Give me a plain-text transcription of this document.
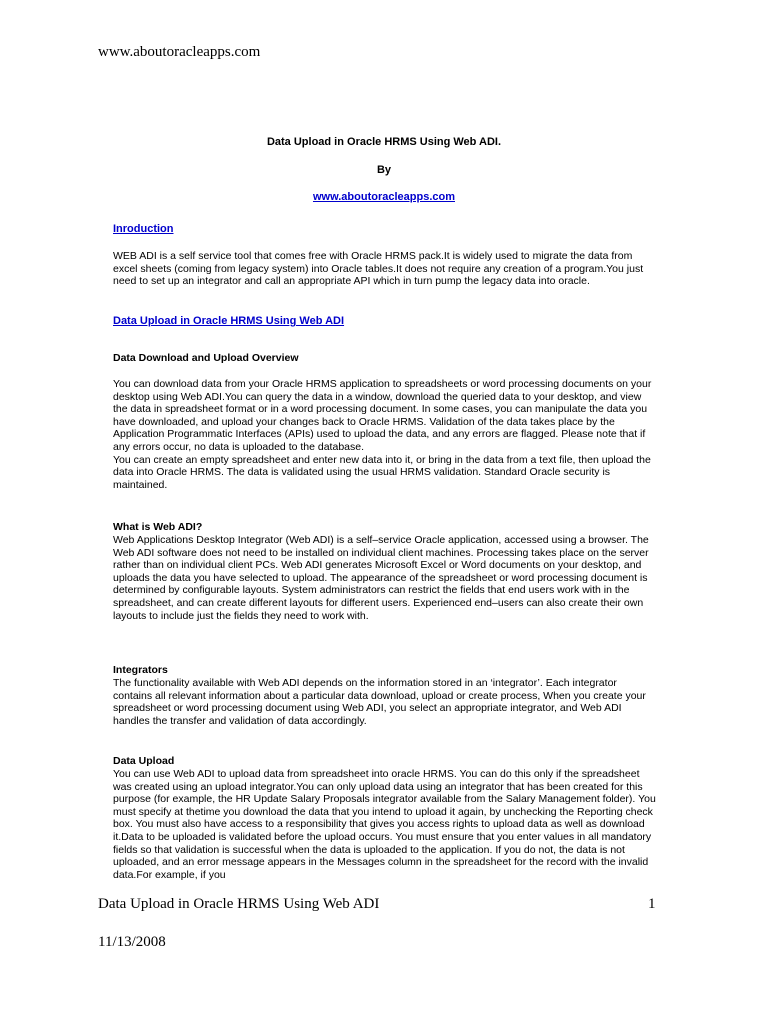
www.aboutoracleapps.com
Data Upload in Oracle HRMS Using Web ADI.
By
www.aboutoracleapps.com
Inroduction
WEB ADI is a self service tool that comes free with Oracle HRMS pack.It is widely used to migrate the data from excel sheets (coming from legacy system) into Oracle tables.It does not require any creation of a program.You just need to set up an integrator and call an appropriate API which in turn pump the legacy data into oracle.
Data Upload in Oracle HRMS Using Web ADI
Data Download and Upload Overview

You can download data from your Oracle HRMS application to spreadsheets or word processing documents on your desktop using Web ADI.You can query the data in a window, download the queried data to your desktop, and view the data in spreadsheet format or in a word processing document. In some cases, you can manipulate the data you have downloaded, and upload your changes back to Oracle HRMS. Validation of the data takes place by the Application Programmatic Interfaces (APIs) used to upload the data, and any errors are flagged. Please note that if any errors occur, no data is uploaded to the database.

You can create an empty spreadsheet and enter new data into it, or bring in the data from a text file, then upload the data into Oracle HRMS. The data is validated using the usual HRMS validation. Standard Oracle security is maintained.

What is Web ADI?
Web Applications Desktop Integrator (Web ADI) is a self–service Oracle application, accessed using a browser. The Web ADI software does not need to be installed on individual client machines. Processing takes place on the server rather than on individual client PCs. Web ADI generates Microsoft Excel or Word documents on your desktop, and uploads the data you have selected to upload. The appearance of the spreadsheet or word processing document is determined by configurable layouts. System administrators can restrict the fields that end users work with in the spreadsheet, and can create different layouts for different users. Experienced end–users can also create their own layouts to include just the fields they need to work with.
Integrators
The functionality available with Web ADI depends on the information stored in an ‘integrator’. Each integrator contains all relevant information about a particular data download, upload or create process, When you create your spreadsheet or word processing document using Web ADI, you select an appropriate integrator, and Web ADI handles the transfer and validation of data accordingly.
Data Upload
You can use Web ADI to upload data from spreadsheet into oracle HRMS. You can do this only if the spreadsheet was created using an upload integrator.You can only upload data using an integrator that has been created for this purpose (for example, the HR Update Salary Proposals integrator available from the Salary Management folder). You must specify at thetime you download the data that you intend to upload it again, by unchecking the Reporting check box. You must also have access to a responsibility that gives you access rights to upload data as well as download it.Data to be uploaded is validated before the upload occurs. You must ensure that you enter values in all mandatory fields so that validation is successful when the data is uploaded to the application. If you do not, the data is not uploaded, and an error message appears in the Messages column in the spreadsheet for the record with the invalid data.For example, if you
Data Upload in Oracle HRMS Using Web ADI	1
11/13/2008
